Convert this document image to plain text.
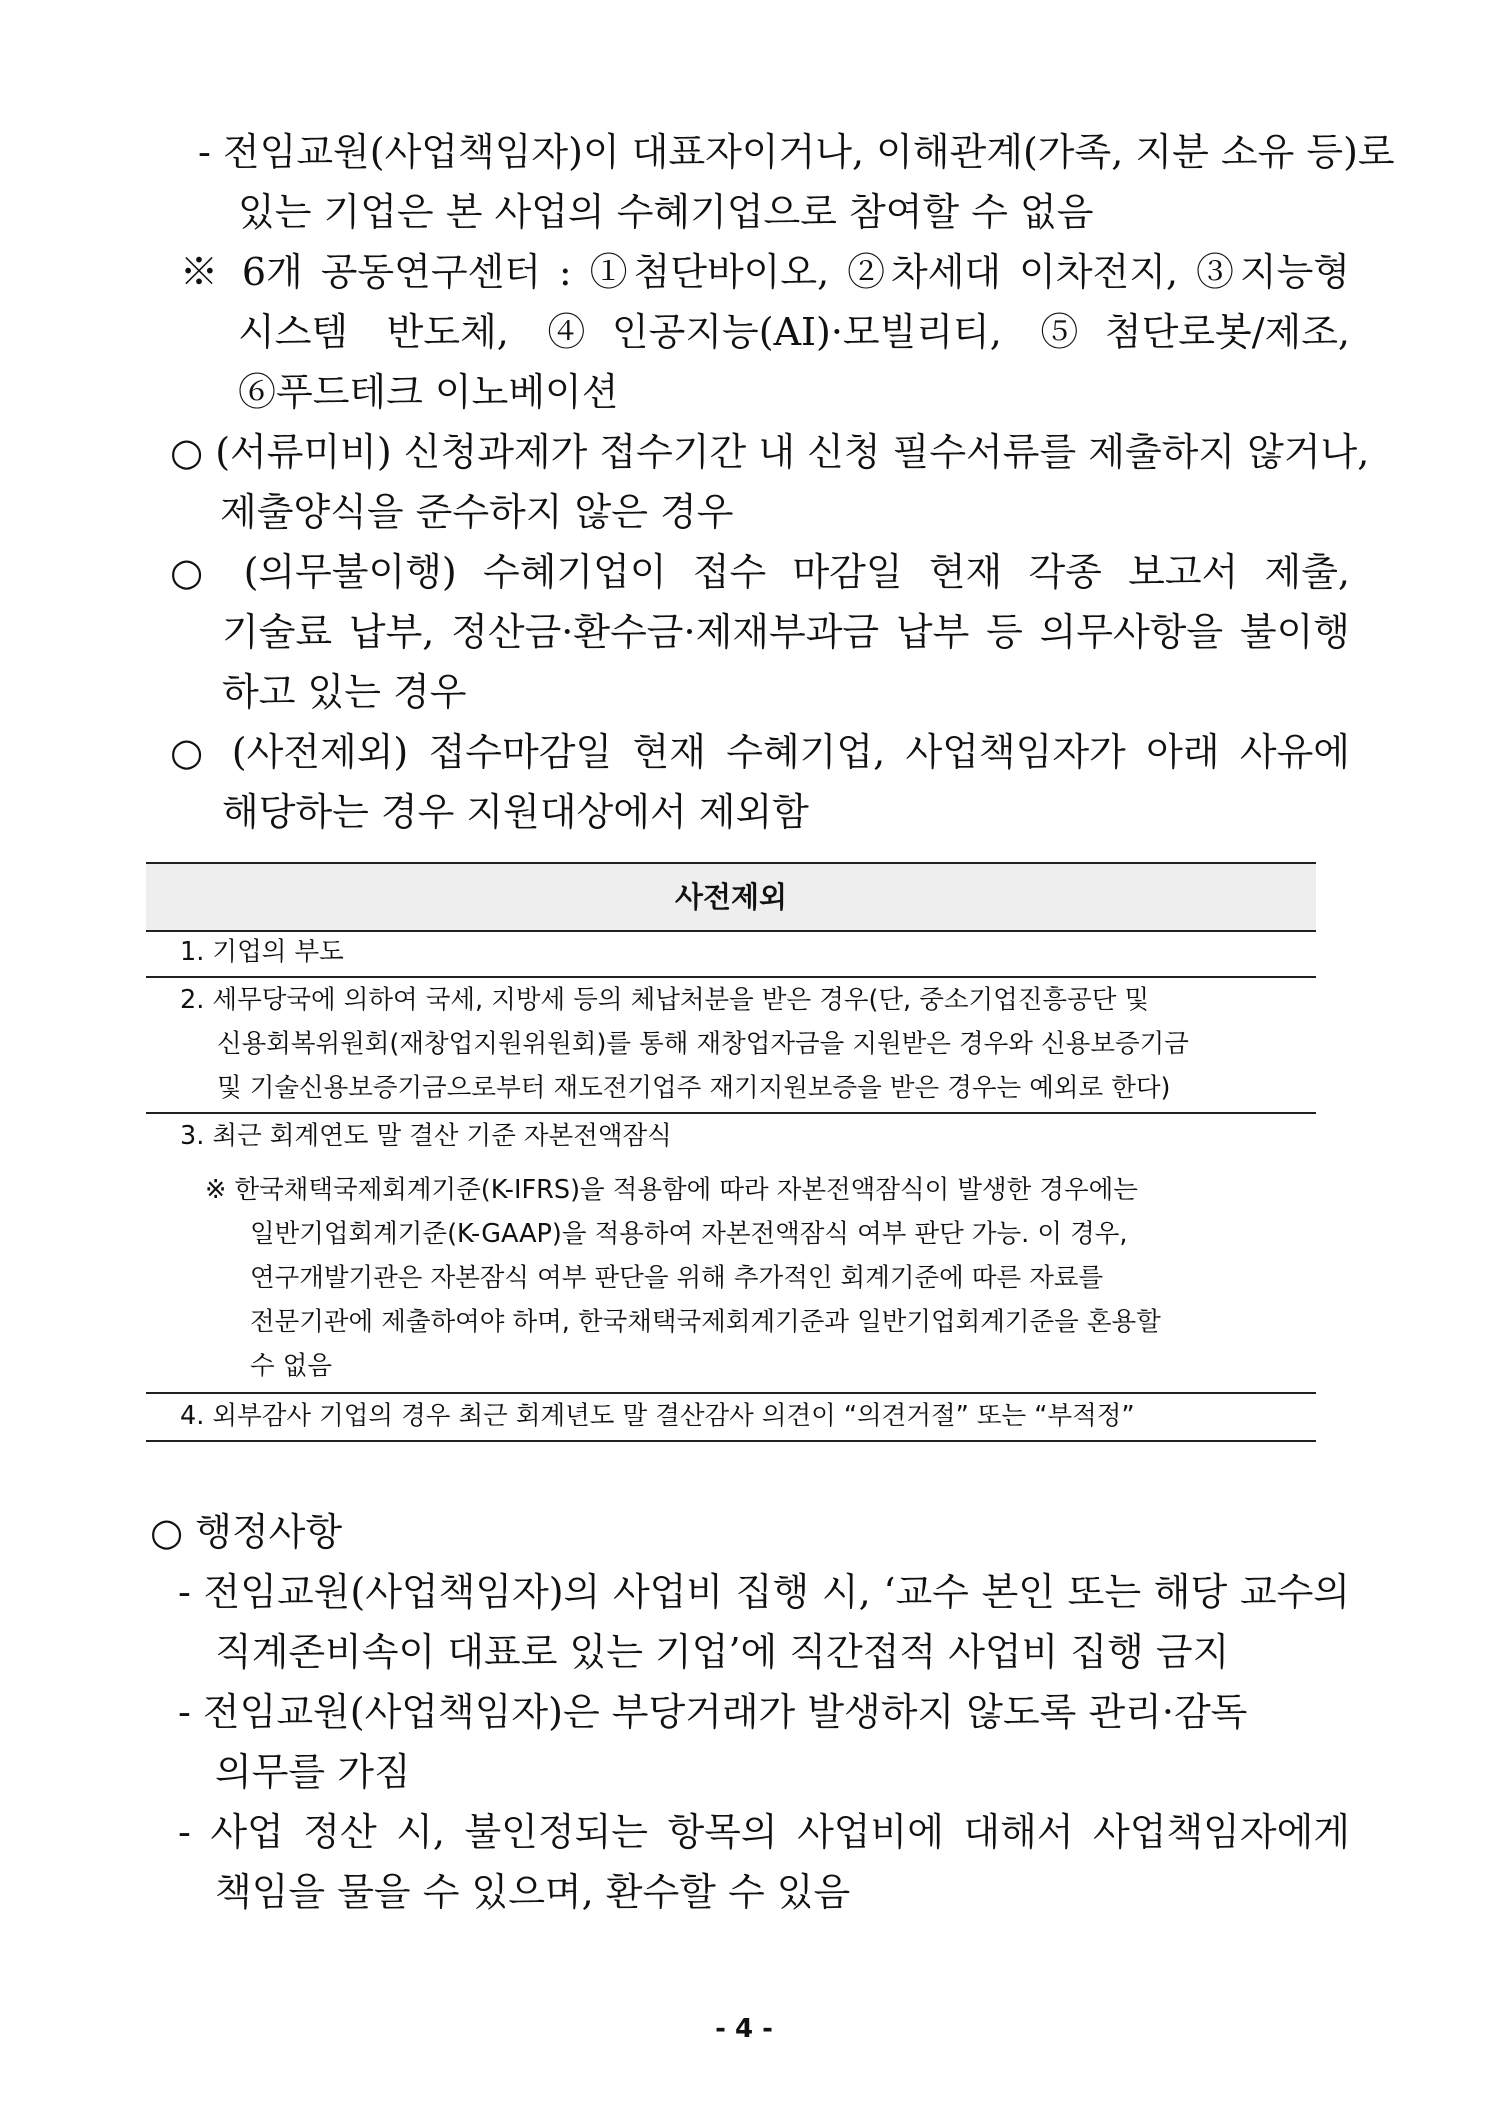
- 전임교원(사업책임자)이 대표자이거나, 이해관계(가족, 지분 소유 등)로
있는 기업은 본 사업의 수혜기업으로 참여할 수 없음
※ 6개 공동연구센터 : ①첨단바이오, ②차세대 이차전지, ③지능형
시스템 반도체, ④인공지능(AI)·모빌리티, ⑤첨단로봇/제조,
⑥푸드테크 이노베이션
○ (서류미비) 신청과제가 접수기간 내 신청 필수서류를 제출하지 않거나,
제출양식을 준수하지 않은 경우
○ (의무불이행) 수혜기업이 접수 마감일 현재 각종 보고서 제출,
기술료 납부, 정산금·환수금·제재부과금 납부 등 의무사항을 불이행
하고 있는 경우
○ (사전제외) 접수마감일 현재 수혜기업, 사업책임자가 아래 사유에
해당하는 경우 지원대상에서 제외함
사전제외
1. 기업의 부도
2. 세무당국에 의하여 국세, 지방세 등의 체납처분을 받은 경우(단, 중소기업진흥공단 및
신용회복위원회(재창업지원위원회)를 통해 재창업자금을 지원받은 경우와 신용보증기금
및 기술신용보증기금으로부터 재도전기업주 재기지원보증을 받은 경우는 예외로 한다)
3. 최근 회계연도 말 결산 기준 자본전액잠식
※ 한국채택국제회계기준(K-IFRS)을 적용함에 따라 자본전액잠식이 발생한 경우에는
일반기업회계기준(K-GAAP)을 적용하여 자본전액잠식 여부 판단 가능. 이 경우,
연구개발기관은 자본잠식 여부 판단을 위해 추가적인 회계기준에 따른 자료를
전문기관에 제출하여야 하며, 한국채택국제회계기준과 일반기업회계기준을 혼용할
수 없음
4. 외부감사 기업의 경우 최근 회계년도 말 결산감사 의견이 “의견거절” 또는 “부적정”
○ 행정사항
- 전임교원(사업책임자)의 사업비 집행 시, ‘교수 본인 또는 해당 교수의
직계존비속이 대표로 있는 기업’에 직간접적 사업비 집행 금지
- 전임교원(사업책임자)은 부당거래가 발생하지 않도록 관리·감독
의무를 가짐
- 사업 정산 시, 불인정되는 항목의 사업비에 대해서 사업책임자에게
책임을 물을 수 있으며, 환수할 수 있음
- 4 -
